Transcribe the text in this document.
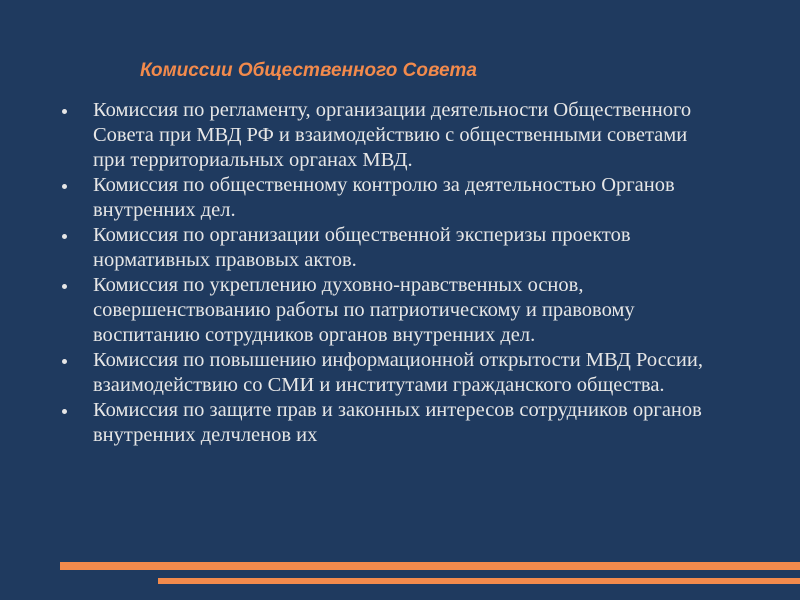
Комиссии Общественного Совета
Комиссия по регламенту, организации деятельности Общественного Совета при МВД РФ и взаимодействию с общественными советами при территориальных органах МВД.
Комиссия по общественному контролю за деятельностью Органов внутренних дел.
Комиссия по организации общественной эксперизы проектов нормативных правовых актов.
Комиссия по укреплению духовно-нравственных основ, совершенствованию работы по патриотическому и правовому воспитанию сотрудников органов внутренних дел.
Комиссия по повышению информационной открытости МВД России, взаимодействию со СМИ и институтами гражданского общества.
Комиссия по защите прав и законных интересов сотрудников органов внутренних делчленов их
